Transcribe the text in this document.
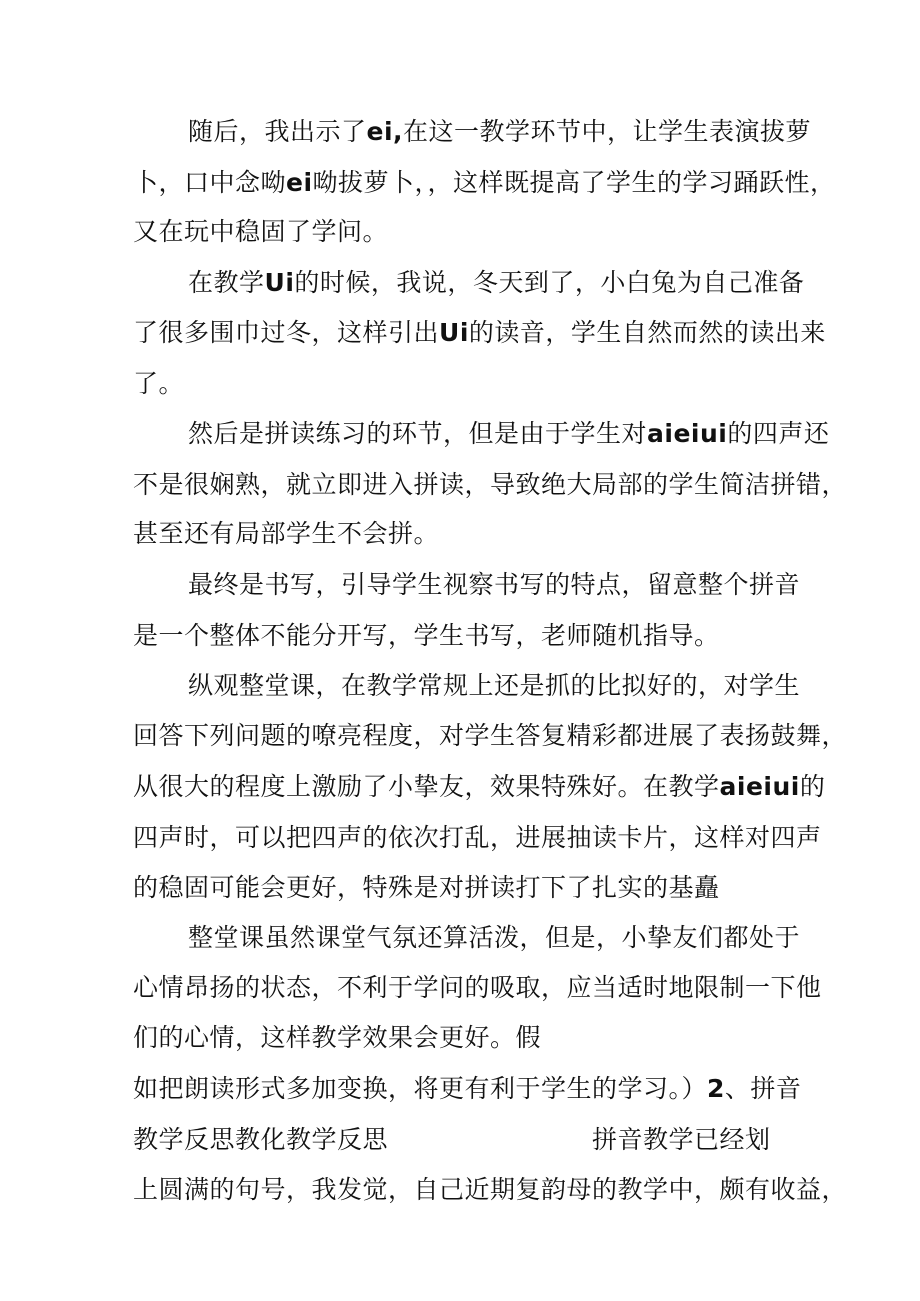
随后，我出示了ei,在这一教学环节中，让学生表演拔萝
卜，口中念呦ei呦拔萝卜，，这样既提高了学生的学习踊跃性，
又在玩中稳固了学问。
在教学Ui的时候，我说，冬天到了，小白兔为自己准备
了很多围巾过冬，这样引出Ui的读音，学生自然而然的读出来
了。
然后是拼读练习的环节，但是由于学生对aieiui的四声还
不是很娴熟，就立即进入拼读，导致绝大局部的学生简洁拼错，
甚至还有局部学生不会拼。
最终是书写，引导学生视察书写的特点，留意整个拼音
是一个整体不能分开写，学生书写，老师随机指导。
纵观整堂课，在教学常规上还是抓的比拟好的，对学生
回答下列问题的嘹亮程度，对学生答复精彩都进展了表扬鼓舞，
从很大的程度上激励了小挚友，效果特殊好。在教学aieiui的
四声时，可以把四声的依次打乱，进展抽读卡片，这样对四声
的稳固可能会更好，特殊是对拼读打下了扎实的基矗
整堂课虽然课堂气氛还算活泼，但是，小挚友们都处于
心情昂扬的状态，不利于学问的吸取，应当适时地限制一下他
们的心情，这样教学效果会更好。假
如把朗读形式多加变换，将更有利于学生的学习。）2、拼音
教学反思教化教学反思　　　　　　　　	拼音教学已经划
上圆满的句号，我发觉，自己近期复韵母的教学中，颇有收益，
